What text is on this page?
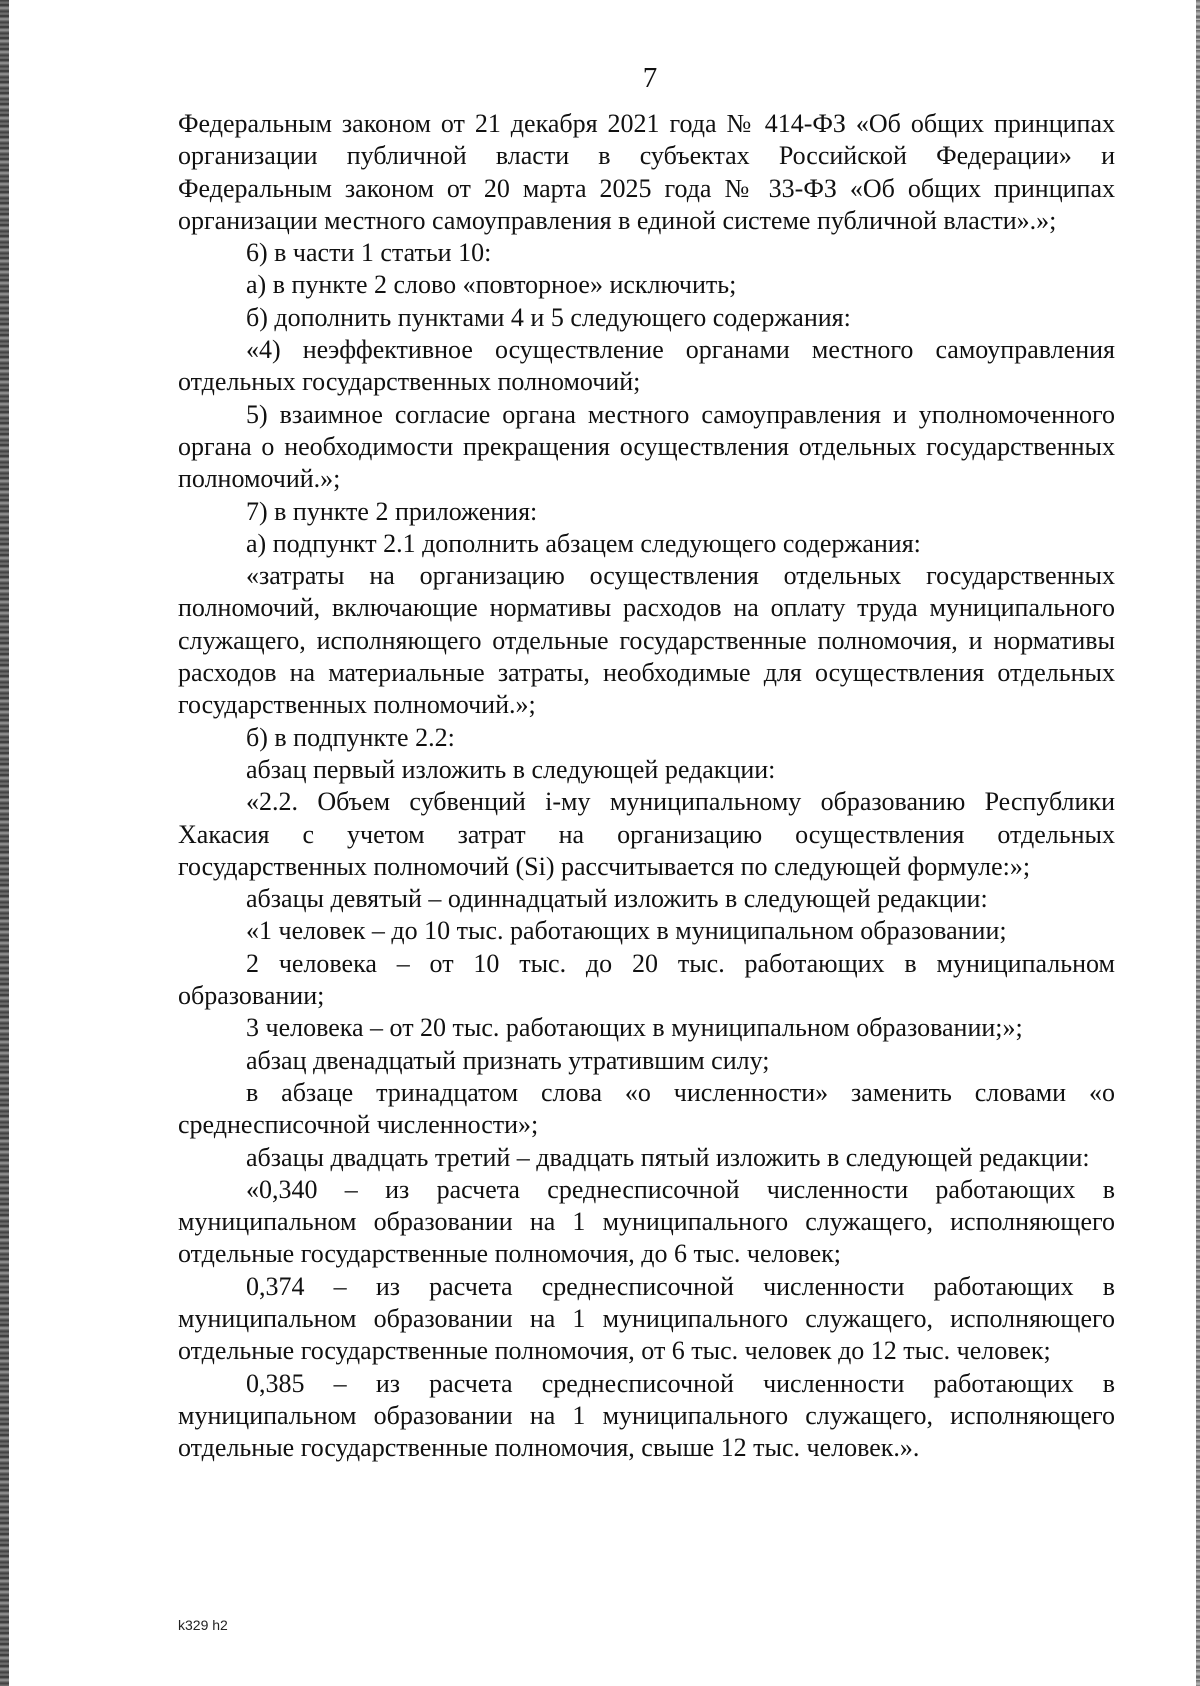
7

Федеральным законом от 21 декабря 2021 года № 414-ФЗ «Об общих принципах организации публичной власти в субъектах Российской Федерации» и Федеральным законом от 20 марта 2025 года № 33-ФЗ «Об общих принципах организации местного самоуправления в единой системе публичной власти».»;

6) в части 1 статьи 10:

а) в пункте 2 слово «повторное» исключить;

б) дополнить пунктами 4 и 5 следующего содержания:

«4) неэффективное осуществление органами местного самоуправления отдельных государственных полномочий;

5) взаимное согласие органа местного самоуправления и уполномоченного органа о необходимости прекращения осуществления отдельных государственных полномочий.»;

7) в пункте 2 приложения:

а) подпункт 2.1 дополнить абзацем следующего содержания:

«затраты на организацию осуществления отдельных государственных полномочий, включающие нормативы расходов на оплату труда муниципального служащего, исполняющего отдельные государственные полномочия, и нормативы расходов на материальные затраты, необходимые для осуществления отдельных государственных полномочий.»;

б) в подпункте 2.2:

абзац первый изложить в следующей редакции:

«2.2. Объем субвенций i-му муниципальному образованию Республики Хакасия с учетом затрат на организацию осуществления отдельных государственных полномочий (Si) рассчитывается по следующей формуле:»;

абзацы девятый – одиннадцатый изложить в следующей редакции:

«1 человек – до 10 тыс. работающих в муниципальном образовании;

2 человека – от 10 тыс. до 20 тыс. работающих в муниципальном образовании;

3 человека – от 20 тыс. работающих в муниципальном образовании;»;

абзац двенадцатый признать утратившим силу;

в абзаце тринадцатом слова «о численности» заменить словами «о среднесписочной численности»;

абзацы двадцать третий – двадцать пятый изложить в следующей редакции:

«0,340 – из расчета среднесписочной численности работающих в муниципальном образовании на 1 муниципального служащего, исполняющего отдельные государственные полномочия, до 6 тыс. человек;

0,374 – из расчета среднесписочной численности работающих в муниципальном образовании на 1 муниципального служащего, исполняющего отдельные государственные полномочия, от 6 тыс. человек до 12 тыс. человек;

0,385 – из расчета среднесписочной численности работающих в муниципальном образовании на 1 муниципального служащего, исполняющего отдельные государственные полномочия, свыше 12 тыс. человек.».

k329 h2
